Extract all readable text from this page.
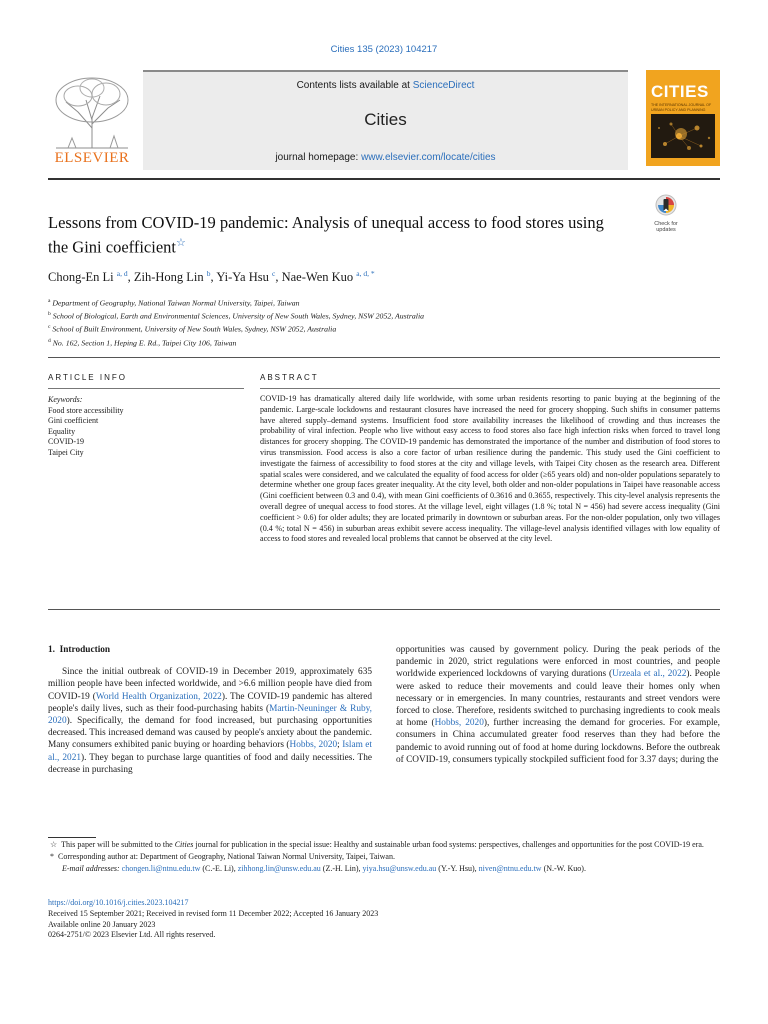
Cities 135 (2023) 104217
ELSEVIER
Contents lists available at ScienceDirect
Cities
journal homepage: www.elsevier.com/locate/cities
CITIES
THE INTERNATIONAL JOURNAL OF URBAN POLICY AND PLANNING
Lessons from COVID-19 pandemic: Analysis of unequal access to food stores using the Gini coefficient☆
Check for updates
Chong-En Li $^{a, d}$, Zih-Hong Lin $^b$, Yi-Ya Hsu $^c$, Nae-Wen Kuo $^{a, d, *}$
$^a$ Department of Geography, National Taiwan Normal University, Taipei, Taiwan
$^b$ School of Biological, Earth and Environmental Sciences, University of New South Wales, Sydney, NSW 2052, Australia
$^c$ School of Built Environment, University of New South Wales, Sydney, NSW 2052, Australia
$^d$ No. 162, Section 1, Heping E. Rd., Taipei City 106, Taiwan
ARTICLE INFO	ABSTRACT
Keywords:
Food store accessibility
Gini coefficient
Equality
COVID-19
Taipei City
COVID-19 has dramatically altered daily life worldwide, with some urban residents resorting to panic buying at the beginning of the pandemic. Large-scale lockdowns and restaurant closures have increased the need for grocery shopping. Such shifts in consumer patterns have altered supply–demand systems. Insufficient food store availability increases the likelihood of crowding and thus increases the probability of viral infection. People who live without easy access to food stores also face high infection risks when forced to travel long distances for grocery shopping. The COVID-19 pandemic has demonstrated the importance of the number and distribution of food stores to virus transmission. Food access is also a core factor of urban resilience during the pandemic. This study used the Gini coefficient to investigate the fairness of accessibility to food stores at the city and village levels, with Taipei City chosen as the research area. Different spatial scales were considered, and we calculated the equality of food access for older (≥65 years old) and non-older populations separately to determine whether one group faces greater inequality. At the city level, both older and non-older populations in Taipei have reasonable access (Gini coefficient between 0.3 and 0.4), with mean Gini coefficients of 0.3616 and 0.3655, respectively. This city-level analysis represents the overall degree of unequal access to food stores. At the village level, eight villages (1.8 %; total N = 456) had severe access inequality (Gini coefficient > 0.6) for older adults; they are located primarily in downtown or suburban areas. For the non-older population, only two villages (0.4 %; total N = 456) in suburban areas exhibit severe access inequality. The village-level analysis identified villages with low equality of access to food stores and revealed local problems that cannot be observed at the city level.
1. Introduction

Since the initial outbreak of COVID-19 in December 2019, approximately 635 million people have been infected worldwide, and >6.6 million people have died from COVID-19 (World Health Organization, 2022). The COVID-19 pandemic has altered people's daily lives, such as their food-purchasing habits (Martin-Neuninger & Ruby, 2020). Specifically, the demand for food increased, but purchasing opportunities decreased. This increased demand was caused by people's anxiety about the pandemic. Many consumers exhibited panic buying or hoarding behaviors (Hobbs, 2020; Islam et al., 2021). They began to purchase large quantities of food and daily necessities. The decrease in purchasing

opportunities was caused by government policy. During the peak periods of the pandemic in 2020, strict regulations were enforced in most countries, and people worldwide experienced lockdowns of varying durations (Urzeala et al., 2022). People were asked to reduce their movements and could leave their homes only when necessary or in emergencies. In many countries, restaurants and street vendors were forced to close. Therefore, residents switched to purchasing ingredients to cook meals at home (Hobbs, 2020), further increasing the demand for groceries. For example, consumers in China accumulated greater food reserves than they had before the pandemic to avoid running out of food at home during lockdowns. Before the outbreak of COVID-19, consumers typically stockpiled sufficient food for 3.37 days; during the

☆ This paper will be submitted to the Cities journal for publication in the special issue: Healthy and sustainable urban food systems: perspectives, challenges and opportunities for the post COVID-19 era.

* Corresponding author at: Department of Geography, National Taiwan Normal University, Taipei, Taiwan.

E-mail addresses: chongen.li@ntnu.edu.tw (C.-E. Li), zihhong.lin@unsw.edu.au (Z.-H. Lin), yiya.hsu@unsw.edu.au (Y.-Y. Hsu), niven@ntnu.edu.tw (N.-W. Kuo).

https://doi.org/10.1016/j.cities.2023.104217
Received 15 September 2021; Received in revised form 11 December 2022; Accepted 16 January 2023
Available online 20 January 2023
0264-2751/© 2023 Elsevier Ltd. All rights reserved.
